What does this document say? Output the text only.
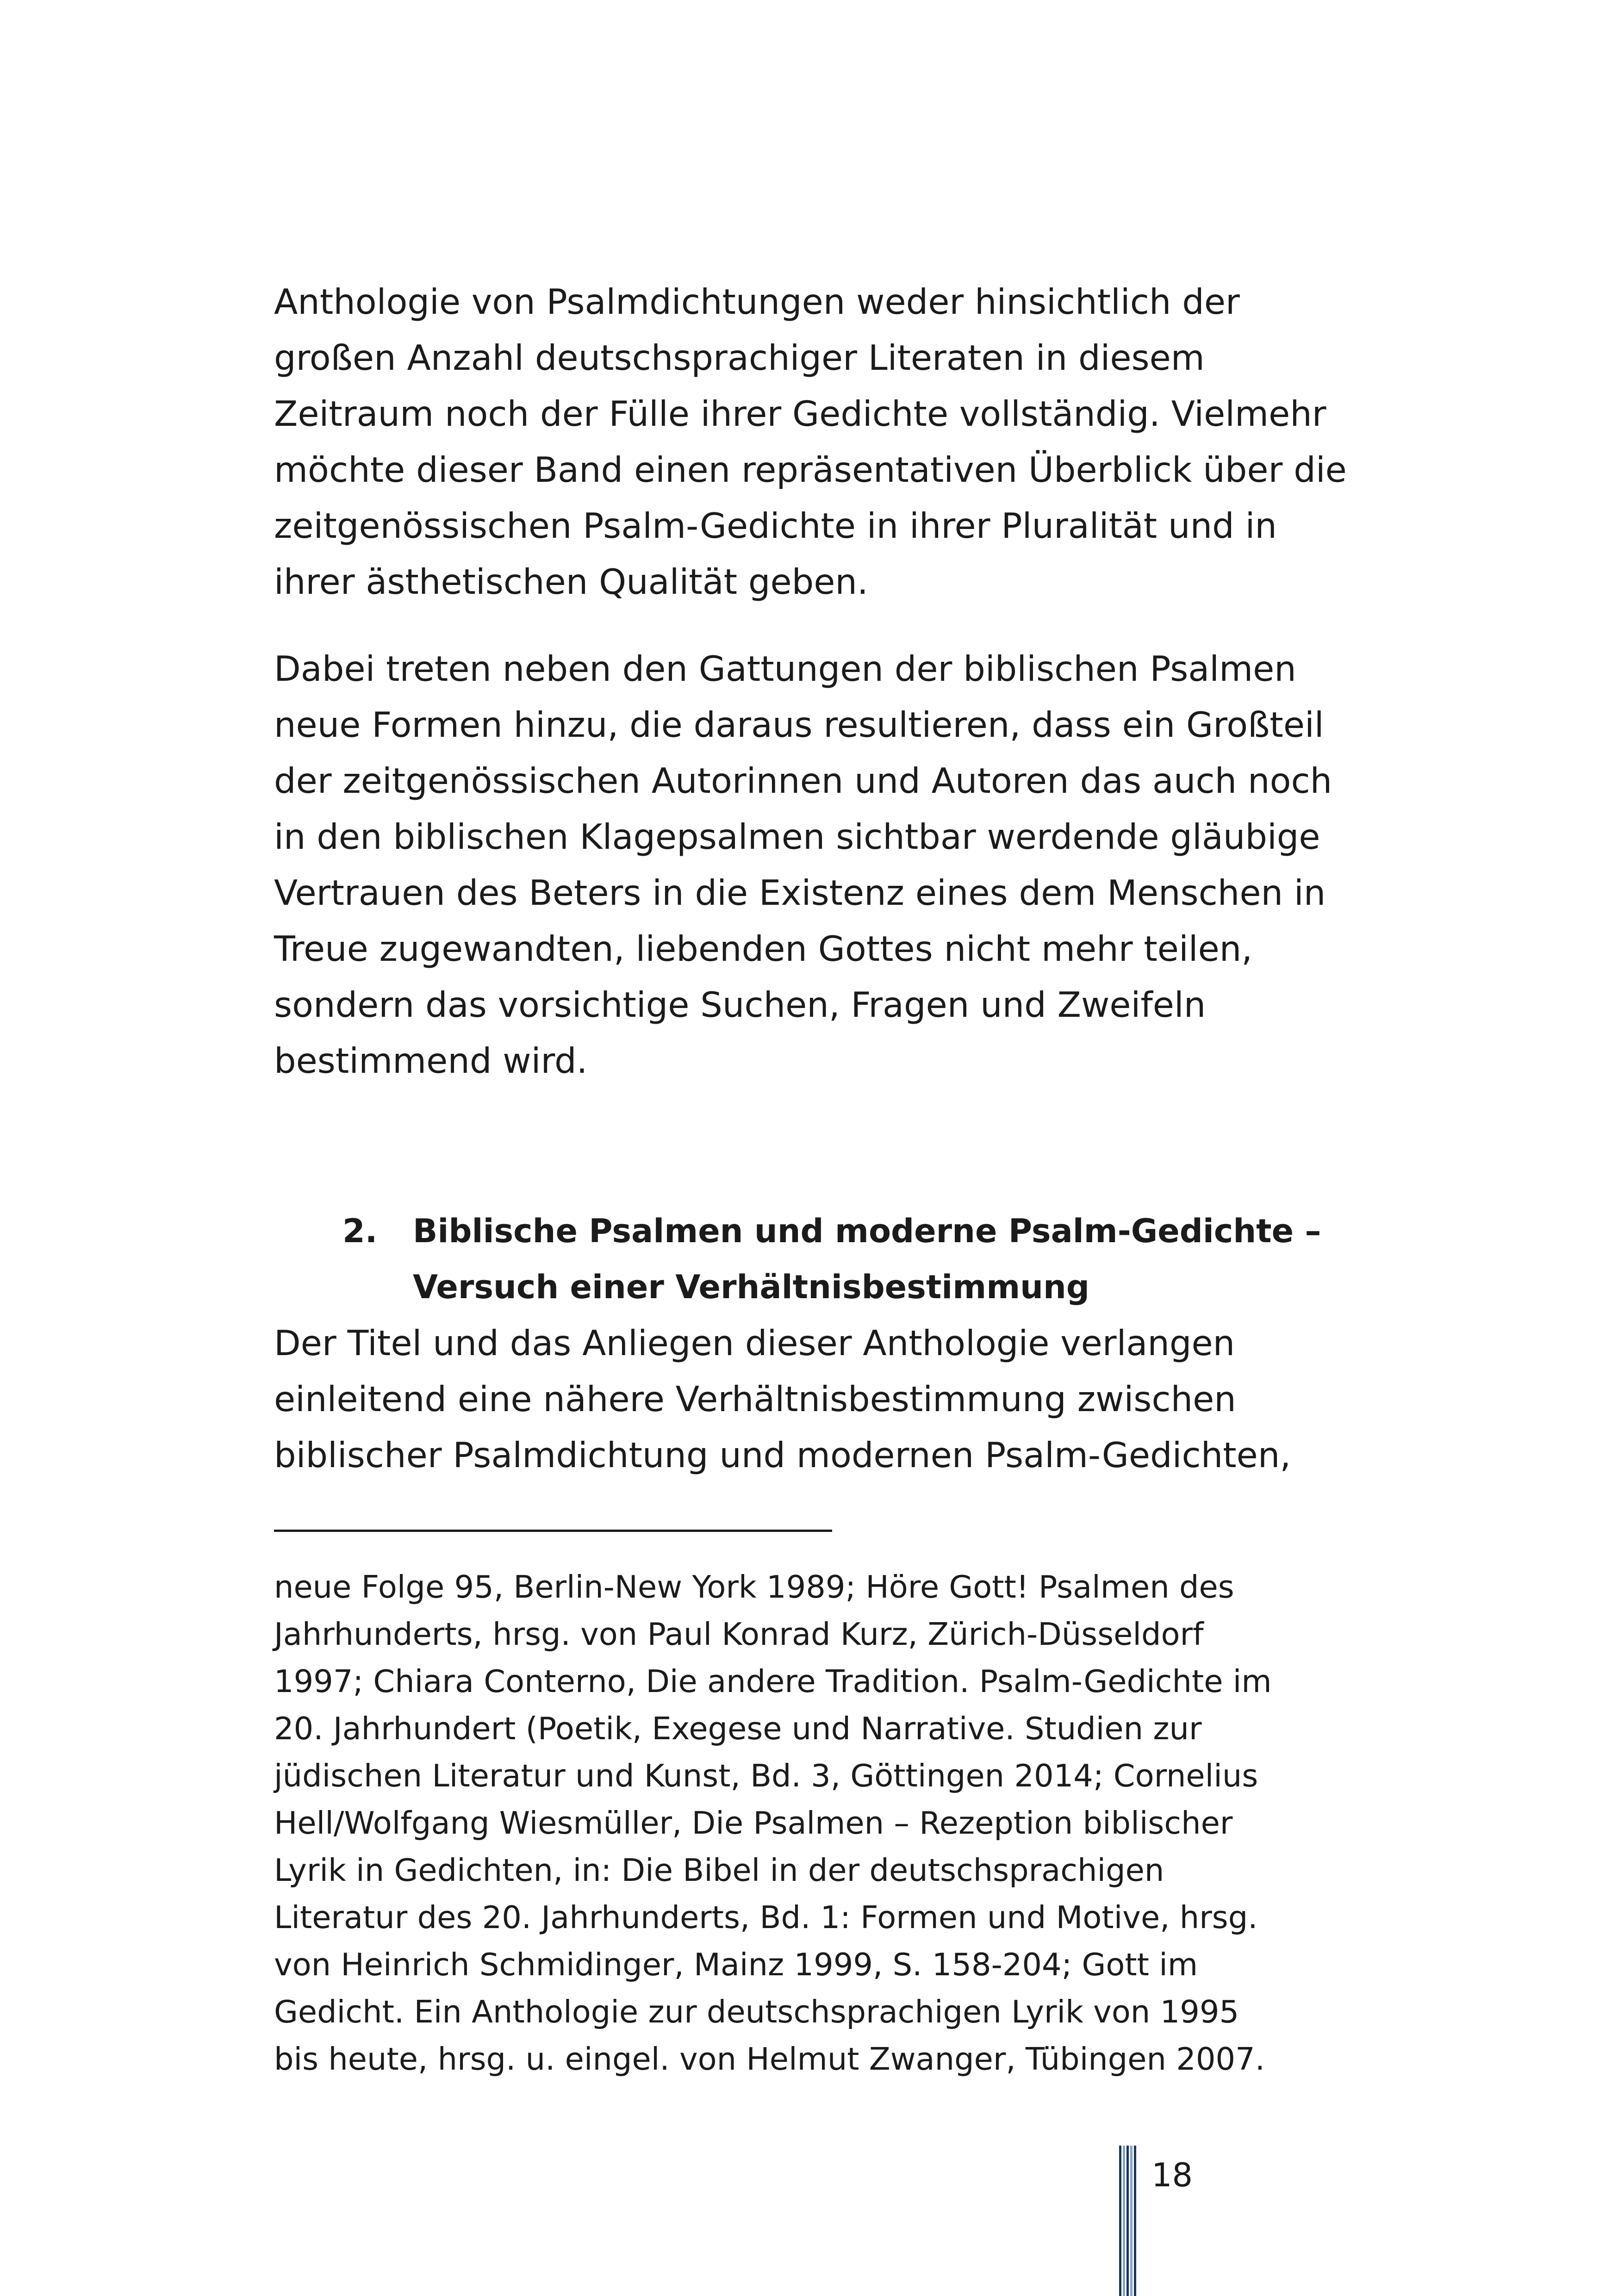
Anthologie von Psalmdichtungen weder hinsichtlich der
großen Anzahl deutschsprachiger Literaten in diesem
Zeitraum noch der Fülle ihrer Gedichte vollständig. Vielmehr
möchte dieser Band einen repräsentativen Überblick über die
zeitgenössischen Psalm-Gedichte in ihrer Pluralität und in
ihrer ästhetischen Qualität geben.

Dabei treten neben den Gattungen der biblischen Psalmen
neue Formen hinzu, die daraus resultieren, dass ein Großteil
der zeitgenössischen Autorinnen und Autoren das auch noch
in den biblischen Klagepsalmen sichtbar werdende gläubige
Vertrauen des Beters in die Existenz eines dem Menschen in
Treue zugewandten, liebenden Gottes nicht mehr teilen,
sondern das vorsichtige Suchen, Fragen und Zweifeln
bestimmend wird.

2.	Biblische Psalmen und moderne Psalm-Gedichte –
Versuch einer Verhältnisbestimmung

Der Titel und das Anliegen dieser Anthologie verlangen
einleitend eine nähere Verhältnisbestimmung zwischen
biblischer Psalmdichtung und modernen Psalm-Gedichten,

neue Folge 95, Berlin-New York 1989; Höre Gott! Psalmen des
Jahrhunderts, hrsg. von Paul Konrad Kurz, Zürich-Düsseldorf
1997; Chiara Conterno, Die andere Tradition. Psalm-Gedichte im
20. Jahrhundert (Poetik, Exegese und Narrative. Studien zur
jüdischen Literatur und Kunst, Bd. 3, Göttingen 2014; Cornelius
Hell/Wolfgang Wiesmüller, Die Psalmen – Rezeption biblischer
Lyrik in Gedichten, in: Die Bibel in der deutschsprachigen
Literatur des 20. Jahrhunderts, Bd. 1: Formen und Motive, hrsg.
von Heinrich Schmidinger, Mainz 1999, S. 158-204; Gott im
Gedicht. Ein Anthologie zur deutschsprachigen Lyrik von 1995
bis heute, hrsg. u. eingel. von Helmut Zwanger, Tübingen 2007.

18
